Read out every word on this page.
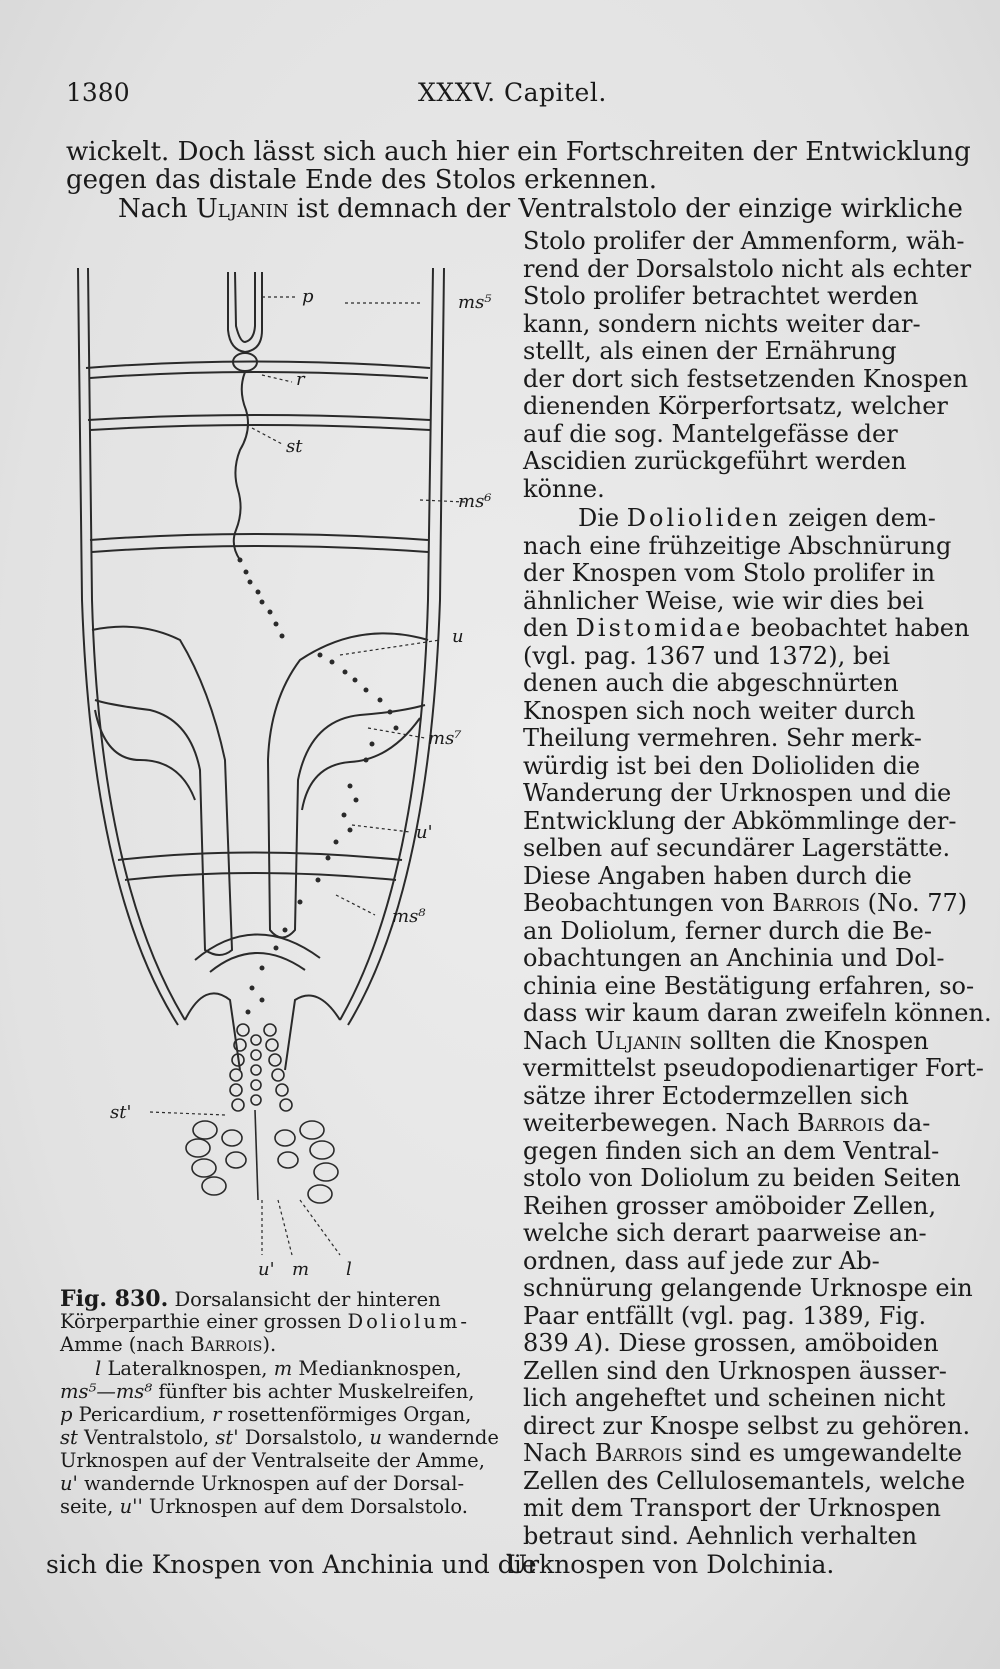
1380	XXXV. Capitel.
wickelt. Doch lässt sich auch hier ein Fortschreiten der Entwicklung
gegen das distale Ende des Stolos erkennen.
Nach Uljanin ist demnach der Ventralstolo der einzige wirkliche
Stolo prolifer der Ammenform, wäh-
rend der Dorsalstolo nicht als echter
Stolo prolifer betrachtet werden
kann, sondern nichts weiter dar-
stellt, als einen der Ernährung
der dort sich festsetzenden Knospen
dienenden Körperfortsatz, welcher
auf die sog. Mantelgefässe der
Ascidien zurückgeführt werden
könne.
Die Dolioliden zeigen dem-
nach eine frühzeitige Abschnürung
der Knospen vom Stolo prolifer in
ähnlicher Weise, wie wir dies bei
den Distomidae beobachtet haben
(vgl. pag. 1367 und 1372), bei
denen auch die abgeschnürten
Knospen sich noch weiter durch
Theilung vermehren. Sehr merk-
würdig ist bei den Dolioliden die
Wanderung der Urknospen und die
Entwicklung der Abkömmlinge der-
selben auf secundärer Lagerstätte.
Diese Angaben haben durch die
Beobachtungen von Barrois (No. 77)
an Doliolum, ferner durch die Be-
obachtungen an Anchinia und Dol-
chinia eine Bestätigung erfahren, so-
dass wir kaum daran zweifeln können.
Nach Uljanin sollten die Knospen
vermittelst pseudopodienartiger Fort-
sätze ihrer Ectodermzellen sich
weiterbewegen. Nach Barrois da-
gegen finden sich an dem Ventral-
stolo von Doliolum zu beiden Seiten
Reihen grosser amöboider Zellen,
welche sich derart paarweise an-
ordnen, dass auf jede zur Ab-
schnürung gelangende Urknospe ein
Paar entfällt (vgl. pag. 1389, Fig.
839 A). Diese grossen, amöboiden
Zellen sind den Urknospen äusser-
lich angeheftet und scheinen nicht
direct zur Knospe selbst zu gehören.
Nach Barrois sind es umgewandelte
Zellen des Cellulosemantels, welche
mit dem Transport der Urknospen
betraut sind. Aehnlich verhalten
sich die Knospen von Anchinia und die
Urknospen von Dolchinia.
Fig. 830. Dorsalansicht der hinteren
Körperparthie einer grossen Doliolum-
Amme (nach Barrois).
l Lateralknospen, m Medianknospen,
ms⁵—ms⁸ fünfter bis achter Muskelreifen,
p Pericardium, r rosettenförmiges Organ,
st Ventralstolo, st' Dorsalstolo, u wandernde
Urknospen auf der Ventralseite der Amme,
u' wandernde Urknospen auf der Dorsal-
seite, u'' Urknospen auf dem Dorsalstolo.
p	ms⁵
r
st
ms⁶
u
ms⁷
u'
ms⁸
st'
u' m l
